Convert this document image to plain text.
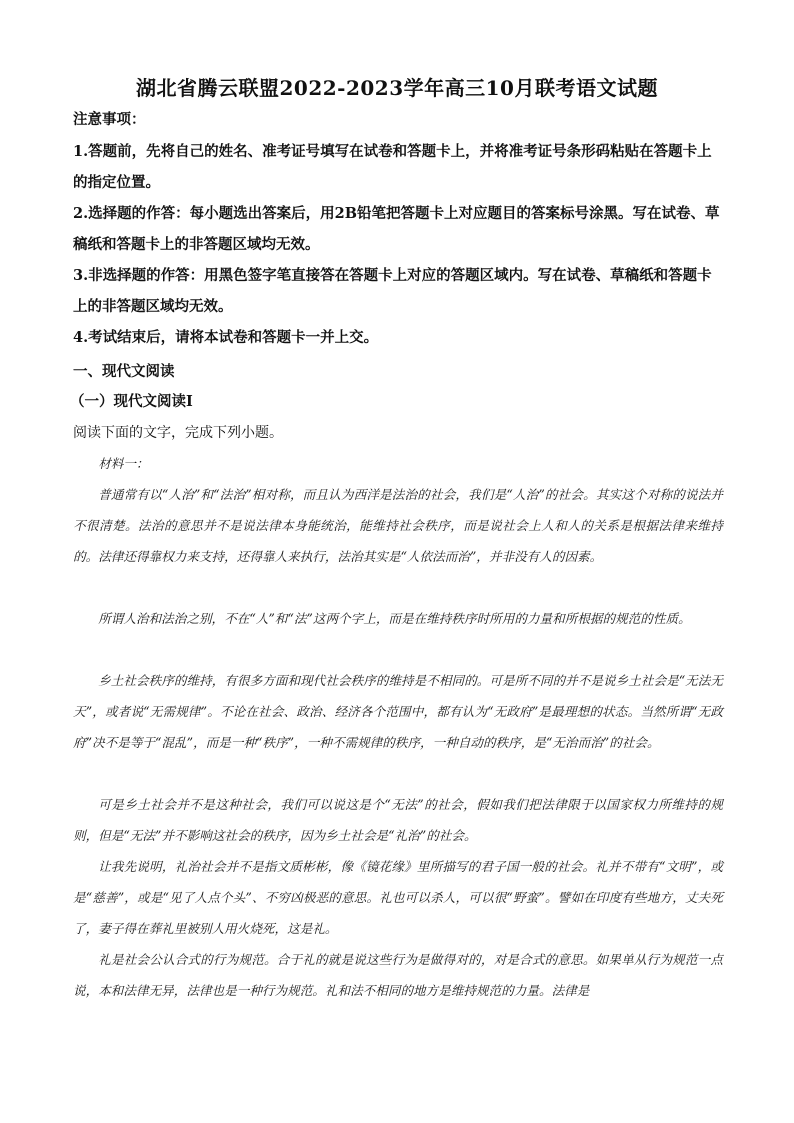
湖北省腾云联盟2022-2023学年高三10月联考语文试题
注意事项：
1.答题前，先将自己的姓名、准考证号填写在试卷和答题卡上，并将准考证号条形码粘贴在答题卡上的指定位置。
2.选择题的作答：每小题选出答案后，用2B铅笔把答题卡上对应题目的答案标号涂黑。写在试卷、草稿纸和答题卡上的非答题区域均无效。
3.非选择题的作答：用黑色签字笔直接答在答题卡上对应的答题区域内。写在试卷、草稿纸和答题卡上的非答题区域均无效。
4.考试结束后，请将本试卷和答题卡一并上交。
一、现代文阅读
（一）现代文阅读Ⅰ
阅读下面的文字，完成下列小题。
材料一：
普通常有以“人治”和“法治”相对称，而且认为西洋是法治的社会，我们是“人治”的社会。其实这个对称的说法并不很清楚。法治的意思并不是说法律本身能统治，能维持社会秩序，而是说社会上人和人的关系是根据法律来维持的。法律还得靠权力来支持，还得靠人来执行，法治其实是“人依法而治”，并非没有人的因素。
所谓人治和法治之别，不在“人”和“法”这两个字上，而是在维持秩序时所用的力量和所根据的规范的性质。
乡土社会秩序的维持，有很多方面和现代社会秩序的维持是不相同的。可是所不同的并不是说乡土社会是“无法无天”，或者说“无需规律”。不论在社会、政治、经济各个范围中，都有认为“无政府”是最理想的状态。当然所谓“无政府”决不是等于“混乱”，而是一种“秩序”，一种不需规律的秩序，一种自动的秩序，是“无治而治”的社会。
可是乡土社会并不是这种社会，我们可以说这是个“无法”的社会，假如我们把法律限于以国家权力所维持的规则，但是“无法”并不影响这社会的秩序，因为乡土社会是“礼治”的社会。
让我先说明，礼治社会并不是指文质彬彬，像《镜花缘》里所描写的君子国一般的社会。礼并不带有“文明”，或是“慈善”，或是“见了人点个头”、不穷凶极恶的意思。礼也可以杀人，可以很“野蛮”。譬如在印度有些地方，丈夫死了，妻子得在葬礼里被别人用火烧死，这是礼。
礼是社会公认合式的行为规范。合于礼的就是说这些行为是做得对的，对是合式的意思。如果单从行为规范一点说，本和法律无异，法律也是一种行为规范。礼和法不相同的地方是维持规范的力量。法律是
